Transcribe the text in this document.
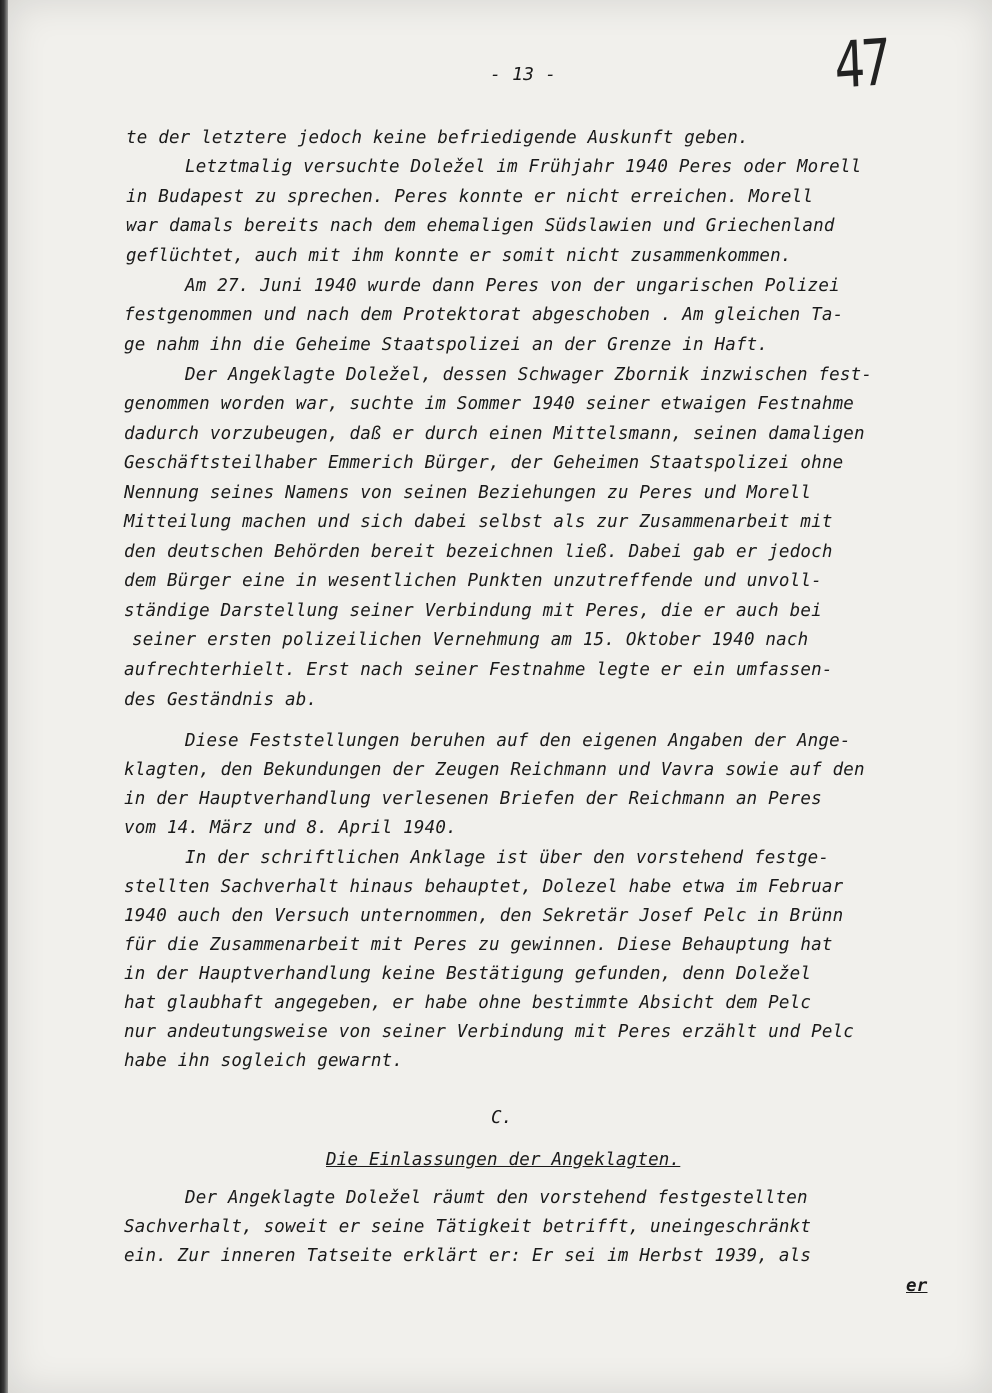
- 13 -	47
te der letztere jedoch keine befriedigende Auskunft geben.
Letztmalig versuchte Doležel im Frühjahr 1940 Peres oder Morell
in Budapest zu sprechen. Peres konnte er nicht erreichen. Morell
war damals bereits nach dem ehemaligen Südslawien und Griechenland
geflüchtet, auch mit ihm konnte er somit nicht zusammenkommen.
Am 27. Juni 1940 wurde dann Peres von der ungarischen Polizei
festgenommen und nach dem Protektorat abgeschoben . Am gleichen Ta-
ge nahm ihn die Geheime Staatspolizei an der Grenze in Haft.
Der Angeklagte Doležel, dessen Schwager Zbornik inzwischen fest-
genommen worden war, suchte im Sommer 1940 seiner etwaigen Festnahme
dadurch vorzubeugen, daß er durch einen Mittelsmann, seinen damaligen
Geschäftsteilhaber Emmerich Bürger, der Geheimen Staatspolizei ohne
Nennung seines Namens von seinen Beziehungen zu Peres und Morell
Mitteilung machen und sich dabei selbst als zur Zusammenarbeit mit
den deutschen Behörden bereit bezeichnen ließ. Dabei gab er jedoch
dem Bürger eine in wesentlichen Punkten unzutreffende und unvoll-
ständige Darstellung seiner Verbindung mit Peres, die er auch bei
seiner ersten polizeilichen Vernehmung am 15. Oktober 1940 nach
aufrechterhielt. Erst nach seiner Festnahme legte er ein umfassen-
des Geständnis ab.
Diese Feststellungen beruhen auf den eigenen Angaben der Ange-
klagten, den Bekundungen der Zeugen Reichmann und Vavra sowie auf den
in der Hauptverhandlung verlesenen Briefen der Reichmann an Peres
vom 14. März und 8. April 1940.
In der schriftlichen Anklage ist über den vorstehend festge-
stellten Sachverhalt hinaus behauptet, Dolezel habe etwa im Februar
1940 auch den Versuch unternommen, den Sekretär Josef Pelc in Brünn
für die Zusammenarbeit mit Peres zu gewinnen. Diese Behauptung hat
in der Hauptverhandlung keine Bestätigung gefunden, denn Doležel
hat glaubhaft angegeben, er habe ohne bestimmte Absicht dem Pelc
nur andeutungsweise von seiner Verbindung mit Peres erzählt und Pelc
habe ihn sogleich gewarnt.
C.
Die Einlassungen der Angeklagten.
Der Angeklagte Doležel räumt den vorstehend festgestellten
Sachverhalt, soweit er seine Tätigkeit betrifft, uneingeschränkt
ein. Zur inneren Tatseite erklärt er: Er sei im Herbst 1939, als
er
